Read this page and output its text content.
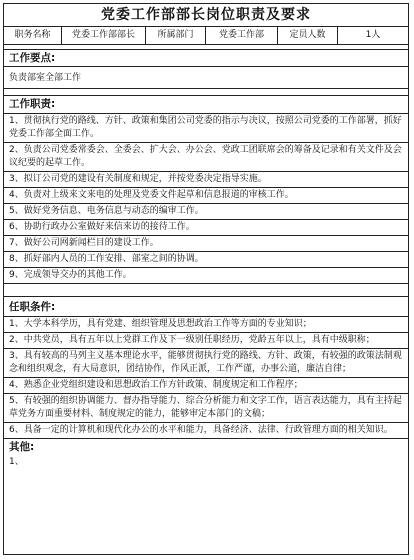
党委工作部部长岗位职责及要求
职务名称	党委工作部部长	所属部门	党委工作部	定员人数	1人
工作要点:
负责部室全部工作
工作职责:
1、贯彻执行党的路线、方针、政策和集团公司党委的指示与决议，按照公司党委的工作部署，抓好党委工作部全面工作。
2、负责公司党委常委会、全委会、扩大会、办公会、党政工团联席会的筹备及记录和有关文件及会议纪要的起草工作。
3、拟订公司党的建设有关制度和规定，并按党委决定指导实施。
4、负责对上级来文来电的处理及党委文件起草和信息报道的审核工作。
5、做好党务信息、电务信息与动态的编审工作。
6、协助行政办公室做好来信来访的接待工作。
7、做好公司网新闻栏目的建设工作。
8、抓好部内人员的工作安排、部室之间的协调。
9、完成领导交办的其他工作。
任职条件:
1、大学本科学历，具有党建、组织管理及思想政治工作等方面的专业知识；
2、中共党员，具有五年以上党群工作及下一级别任职经历，党龄五年以上，具有中级职称；
3、具有较高的马列主义基本理论水平，能够贯彻执行党的路线、方针、政策，有较强的政策法制观念和组织观念，有大局意识，团结协作，作风正派，工作严谨，办事公道，廉洁自律；
4、熟悉企业党组织建设和思想政治工作方针政策、制度规定和工作程序；
5、有较强的组织协调能力、督办指导能力、综合分析能力和文字工作，语言表达能力，具有主持起草党务方面重要材料、制度规定的能力，能够审定本部门的文稿；
6、具备一定的计算机和现代化办公的水平和能力，具备经济、法律、行政管理方面的相关知识。
其他:
1、
